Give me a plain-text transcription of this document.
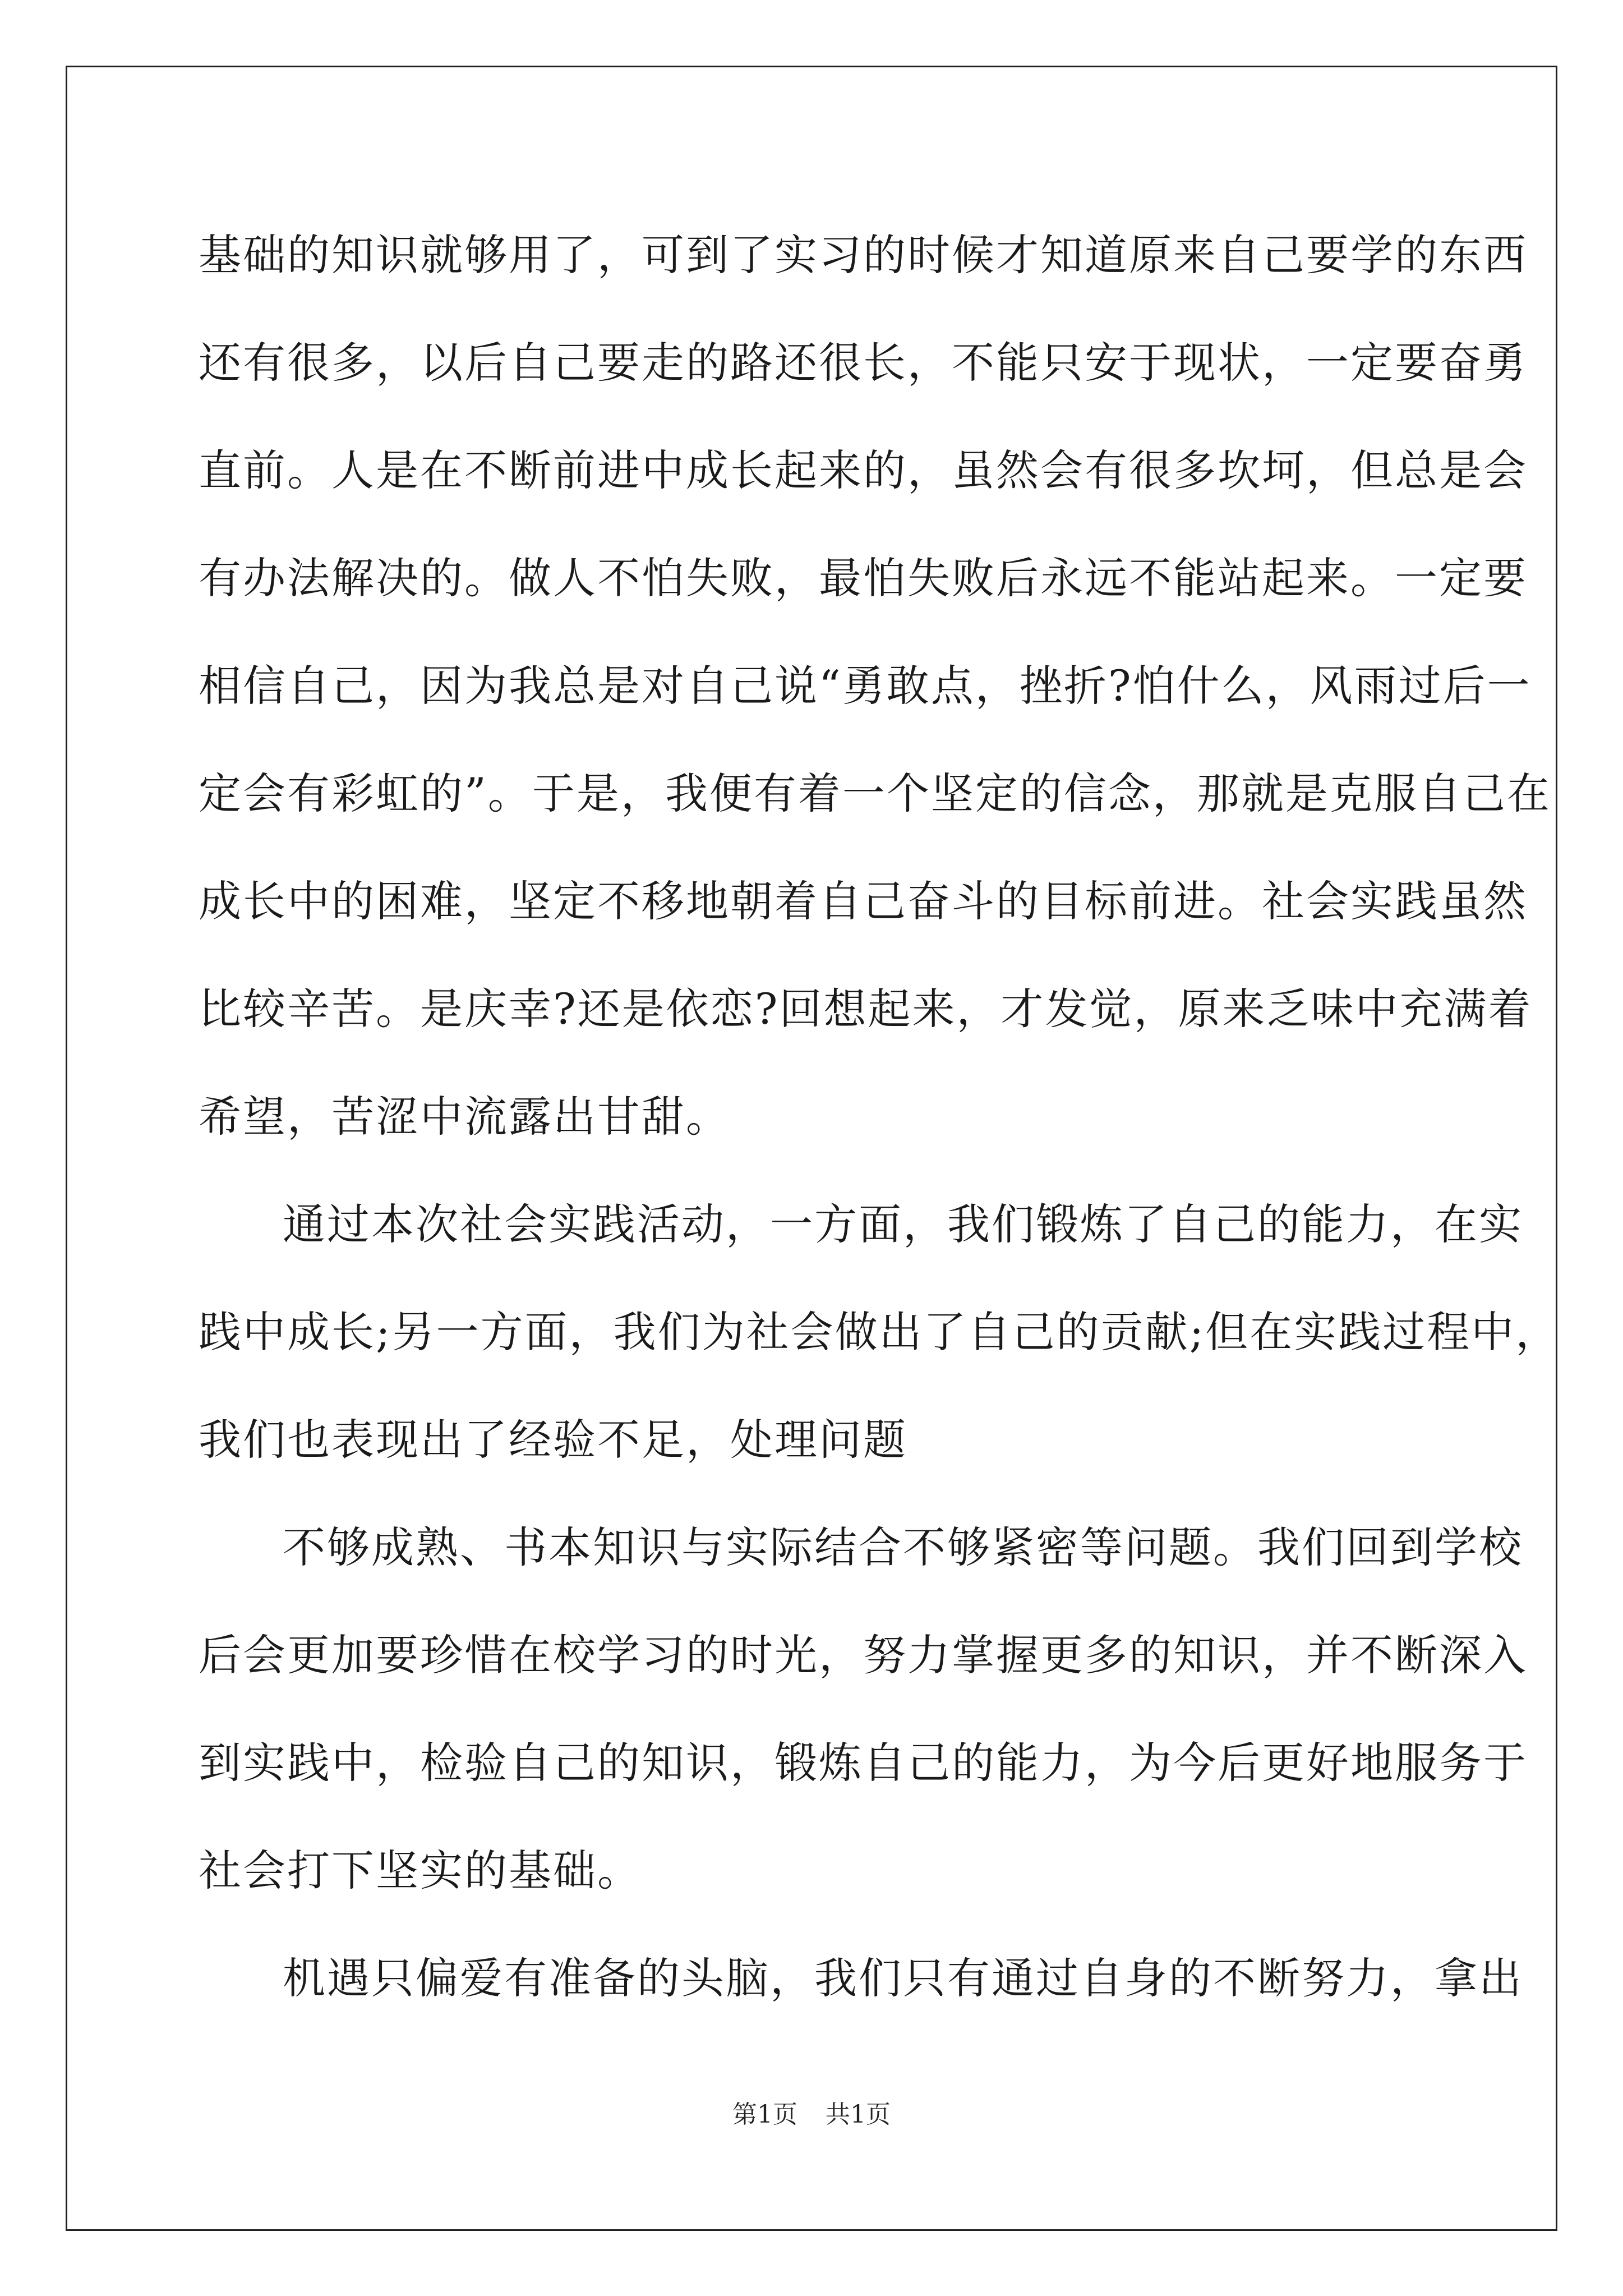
基础的知识就够用了，可到了实习的时候才知道原来自己要学的东西
还有很多，以后自己要走的路还很长，不能只安于现状，一定要奋勇
直前。人是在不断前进中成长起来的，虽然会有很多坎坷，但总是会
有办法解决的。做人不怕失败，最怕失败后永远不能站起来。一定要
相信自己，因为我总是对自己说“勇敢点，挫折?怕什么，风雨过后一
定会有彩虹的”。于是，我便有着一个坚定的信念，那就是克服自己在
成长中的困难，坚定不移地朝着自己奋斗的目标前进。社会实践虽然
比较辛苦。是庆幸?还是依恋?回想起来，才发觉，原来乏味中充满着
希望，苦涩中流露出甘甜。
通过本次社会实践活动，一方面，我们锻炼了自己的能力，在实
践中成长;另一方面，我们为社会做出了自己的贡献;但在实践过程中，
我们也表现出了经验不足，处理问题
不够成熟、书本知识与实际结合不够紧密等问题。我们回到学校
后会更加要珍惜在校学习的时光，努力掌握更多的知识，并不断深入
到实践中，检验自己的知识，锻炼自己的能力，为今后更好地服务于
社会打下坚实的基础。
机遇只偏爱有准备的头脑，我们只有通过自身的不断努力，拿出
第1页 共1页
